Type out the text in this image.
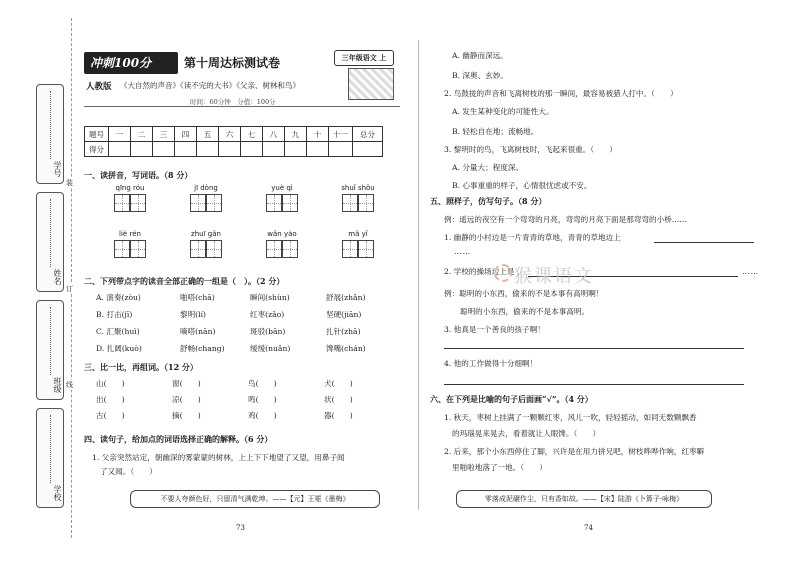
学号
姓名
班级
学校
装
订
线
冲刺100分	第十周达标测试卷	三年级语文 上
人教版 《大自然的声音》《读不完的大书》《父亲、树林和鸟》
时间：60分钟　分值：100分
题号	一	二	三	四	五	六	七	八	九	十	十一	总分
得分												
一、读拼音，写词语。（8 分）
qīng róu	jī dòng	yuè qì	shuǐ shǒu
liè rén	zhuī gǎn	wǎn yào	mǎ yǐ
二、下列带点字的读音全部正确的一组是（　）。（2 分）
A. 演奏(zòu)	啪嗒(chā)	瞬间(shùn)	舒展(zhǎn)
B. 打击(jī)	黎明(lí)	红枣(zǎo)	坚硬(jiān)
C. 汇聚(huì)	嘀嗒(nān)	斑驳(bān)	扎针(zhā)
D. 扎阔(kuò)	舒畅(chang)	缓缓(nuǎn)	馋嘴(chán)
三、比一比，再组词。（12 分）
山(　　)	窗(　　)	鸟(　　)	犬(　　)
出(　　)	凉(　　)	鸣(　　)	状(　　)
古(　　)	摘(　　)	鸡(　　)	器(　　)
四、读句子，给加点的词语选择正确的解释。（6 分）
1. 父亲突然站定，朝幽深的雾蒙蒙的树林，上上下下地望了又望，用鼻子闻
了又闻。（　　）
不要人夸颜色好，只留清气满乾坤。——【元】王冕《墨梅》
73
A. 幽静而深远。
B. 深奥、玄妙。
2. 鸟鼓拢的声音和飞离树枝的那一瞬间，最容易被猎人打中。（　　）
A. 发生某种变化的可能性大。
B. 轻松自在地；流畅地。
3. 黎明时的鸟，飞离树枝时，飞起来很重。（　　）
A. 分量大；程度深。
B. 心事重重的样子，心情很忧虑或不安。
五、照样子，仿写句子。（8 分）
例：遥远的夜空有一个弯弯的月亮，弯弯的月亮下面是那弯弯的小桥……
1. 幽静的小村边是一片青青的草地，青青的草地边上
……
2. 学校的操场边上是	……
例：聪明的小东西，偷来的不是本事有高明啊！
聪明的小东西，偷来的不是本事高明。
3. 他真是一个善良的孩子啊！
4. 他的工作做得十分细啊！
六、在下列是比喻的句子后面画“√”。（4 分）
1. 秋天，枣树上挂满了一颗颗红枣，风儿一吹，轻轻摇动，如同无数颗飘香
的玛瑙晃来晃去，看着就让人眼馋。（　　）
2. 后来，那个小东西停住了脚，兴许是在用力拼兄吧，树枝哗哗作响，红枣噼
里啪啦地落了一地。（　　）
零落成泥碾作尘，只有香如故。——【宋】陆游《卜算子·咏梅》
74
猴课语文
